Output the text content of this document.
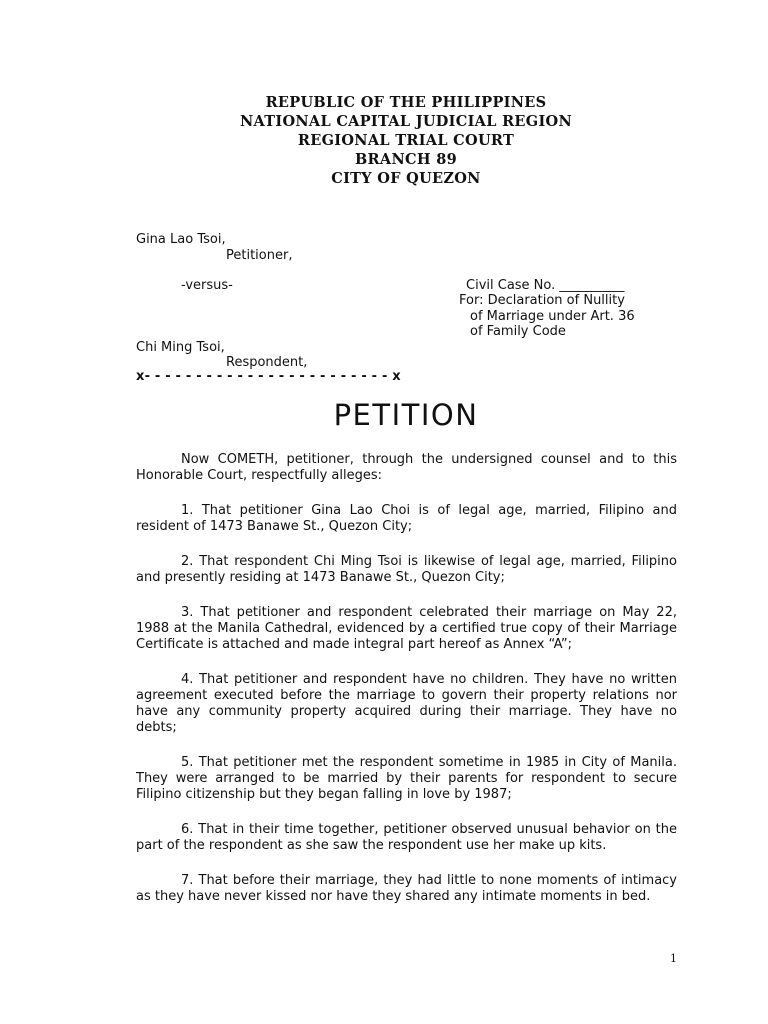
REPUBLIC OF THE PHILIPPINES
NATIONAL CAPITAL JUDICIAL REGION
REGIONAL TRIAL COURT
BRANCH 89
CITY OF QUEZON
Gina Lao Tsoi,
Petitioner,
-versus-	Civil Case No. __________
For: Declaration of Nullity
of Marriage under Art. 36
of Family Code
Chi Ming Tsoi,
Respondent,
x- - - - - - - - - - - - - - - - - - - - - - - - x
PETITION

Now COMETH, petitioner, through the undersigned counsel and to this Honorable Court, respectfully alleges:

1. That petitioner Gina Lao Choi is of legal age, married, Filipino and resident of 1473 Banawe St., Quezon City;

2. That respondent Chi Ming Tsoi is likewise of legal age, married, Filipino and presently residing at 1473 Banawe St., Quezon City;

3. That petitioner and respondent celebrated their marriage on May 22, 1988 at the Manila Cathedral, evidenced by a certified true copy of their Marriage Certificate is attached and made integral part hereof as Annex “A”;

4. That petitioner and respondent have no children. They have no written agreement executed before the marriage to govern their property relations nor have any community property acquired during their marriage. They have no debts;

5. That petitioner met the respondent sometime in 1985 in City of Manila. They were arranged to be married by their parents for respondent to secure Filipino citizenship but they began falling in love by 1987;

6. That in their time together, petitioner observed unusual behavior on the part of the respondent as she saw the respondent use her make up kits.

7. That before their marriage, they had little to none moments of intimacy as they have never kissed nor have they shared any intimate moments in bed.

1
